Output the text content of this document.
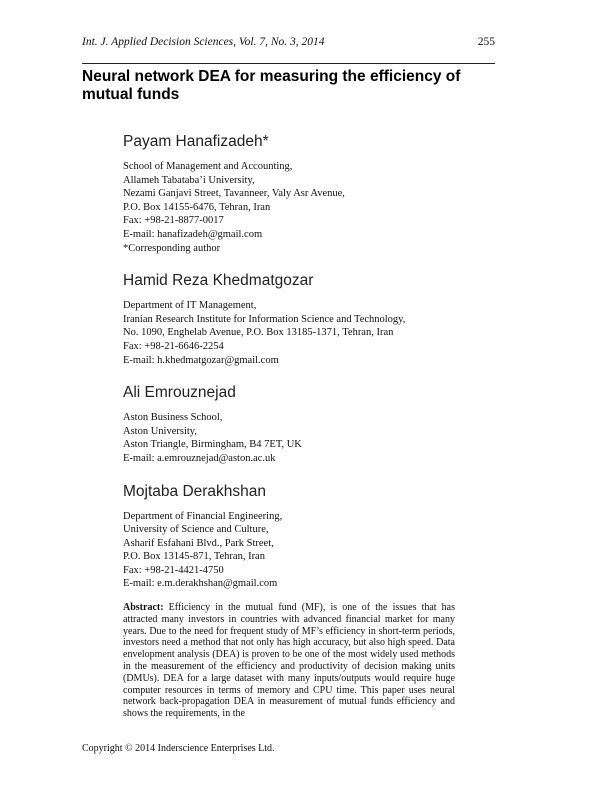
Int. J. Applied Decision Sciences, Vol. 7, No. 3, 2014	255
Neural network DEA for measuring the efficiency of
mutual funds
Payam Hanafizadeh*
School of Management and Accounting,
Allameh Tabataba’i University,
Nezami Ganjavi Street, Tavanneer, Valy Asr Avenue,
P.O. Box 14155-6476, Tehran, Iran
Fax: +98-21-8877-0017
E-mail: hanafizadeh@gmail.com
*Corresponding author
Hamid Reza Khedmatgozar
Department of IT Management,
Iranian Research Institute for Information Science and Technology,
No. 1090, Enghelab Avenue, P.O. Box 13185-1371, Tehran, Iran
Fax: +98-21-6646-2254
E-mail: h.khedmatgozar@gmail.com
Ali Emrouznejad
Aston Business School,
Aston University,
Aston Triangle, Birmingham, B4 7ET, UK
E-mail: a.emrouznejad@aston.ac.uk
Mojtaba Derakhshan
Department of Financial Engineering,
University of Science and Culture,
Asharif Esfahani Blvd., Park Street,
P.O. Box 13145-871, Tehran, Iran
Fax: +98-21-4421-4750
E-mail: e.m.derakhshan@gmail.com
Abstract: Efficiency in the mutual fund (MF), is one of the issues that has attracted many investors in countries with advanced financial market for many years. Due to the need for frequent study of MF’s efficiency in short-term periods, investors need a method that not only has high accuracy, but also high speed. Data envelopment analysis (DEA) is proven to be one of the most widely used methods in the measurement of the efficiency and productivity of decision making units (DMUs). DEA for a large dataset with many inputs/outputs would require huge computer resources in terms of memory and CPU time. This paper uses neural network back-propagation DEA in measurement of mutual funds efficiency and shows the requirements, in the
Copyright © 2014 Inderscience Enterprises Ltd.
